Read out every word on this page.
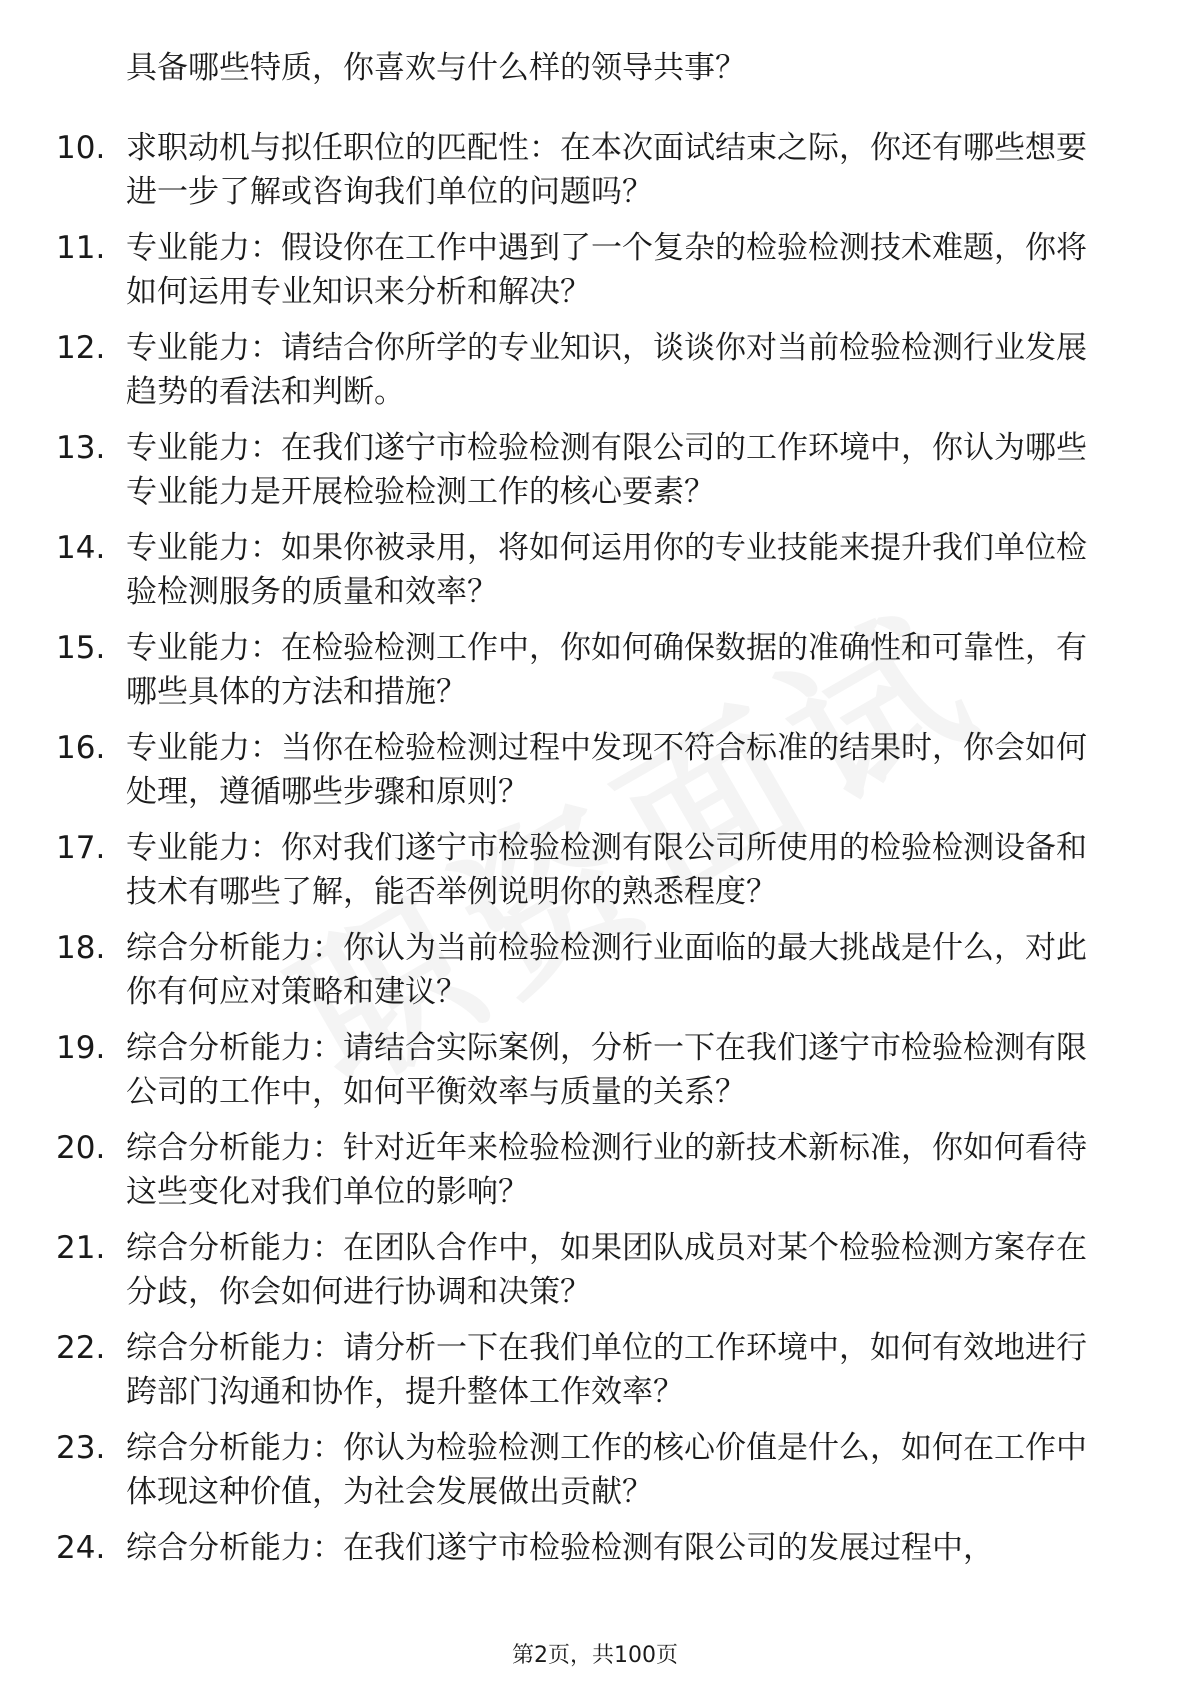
具备哪些特质，你喜欢与什么样的领导共事？

10. 求职动机与拟任职位的匹配性：在本次面试结束之际，你还有哪些想要进一步了解或咨询我们单位的问题吗？

11. 专业能力：假设你在工作中遇到了一个复杂的检验检测技术难题，你将如何运用专业知识来分析和解决？

12. 专业能力：请结合你所学的专业知识，谈谈你对当前检验检测行业发展趋势的看法和判断。

13. 专业能力：在我们遂宁市检验检测有限公司的工作环境中，你认为哪些专业能力是开展检验检测工作的核心要素？

14. 专业能力：如果你被录用，将如何运用你的专业技能来提升我们单位检验检测服务的质量和效率？

15. 专业能力：在检验检测工作中，你如何确保数据的准确性和可靠性，有哪些具体的方法和措施？

16. 专业能力：当你在检验检测过程中发现不符合标准的结果时，你会如何处理，遵循哪些步骤和原则？

17. 专业能力：你对我们遂宁市检验检测有限公司所使用的检验检测设备和技术有哪些了解，能否举例说明你的熟悉程度？

18. 综合分析能力：你认为当前检验检测行业面临的最大挑战是什么，对此你有何应对策略和建议？

19. 综合分析能力：请结合实际案例，分析一下在我们遂宁市检验检测有限公司的工作中，如何平衡效率与质量的关系？

20. 综合分析能力：针对近年来检验检测行业的新技术新标准，你如何看待这些变化对我们单位的影响？

21. 综合分析能力：在团队合作中，如果团队成员对某个检验检测方案存在分歧，你会如何进行协调和决策？

22. 综合分析能力：请分析一下在我们单位的工作环境中，如何有效地进行跨部门沟通和协作，提升整体工作效率？

23. 综合分析能力：你认为检验检测工作的核心价值是什么，如何在工作中体现这种价值，为社会发展做出贡献？

24. 综合分析能力：在我们遂宁市检验检测有限公司的发展过程中，

第2页，共100页
